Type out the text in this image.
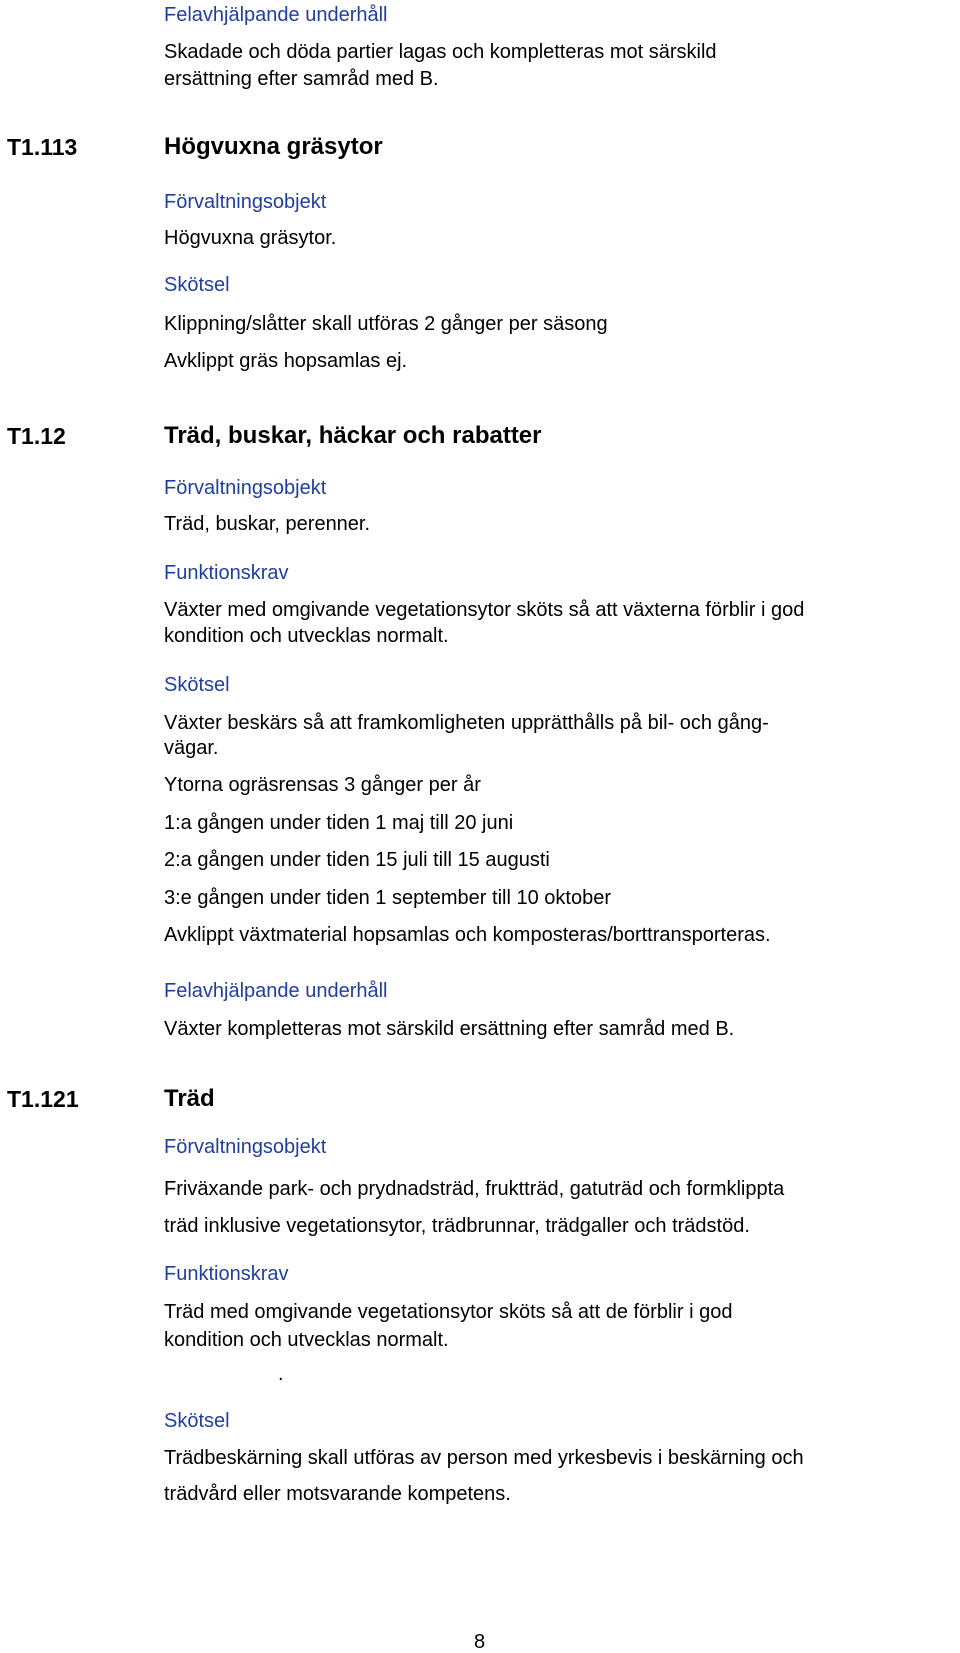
Felavhjälpande underhåll
Skadade och döda partier lagas och kompletteras mot särskild
ersättning efter samråd med B.
T1.113	Högvuxna gräsytor
Förvaltningsobjekt
Högvuxna gräsytor.
Skötsel
Klippning/slåtter skall utföras 2 gånger per säsong
Avklippt gräs hopsamlas ej.
T1.12	Träd, buskar, häckar och rabatter
Förvaltningsobjekt
Träd, buskar, perenner.
Funktionskrav
Växter med omgivande vegetationsytor sköts så att växterna förblir i god
kondition och utvecklas normalt.
Skötsel
Växter beskärs så att framkomligheten upprätthålls på bil- och gång-
vägar.
Ytorna ogräsrensas 3 gånger per år
1:a gången under tiden 1 maj till 20 juni
2:a gången under tiden 15 juli till 15 augusti
3:e gången under tiden 1 september till 10 oktober
Avklippt växtmaterial hopsamlas och komposteras/borttransporteras.
Felavhjälpande underhåll
Växter kompletteras mot särskild ersättning efter samråd med B.
T1.121	Träd
Förvaltningsobjekt
Friväxande park- och prydnadsträd, fruktträd, gatuträd och formklippta
träd inklusive vegetationsytor, trädbrunnar, trädgaller och trädstöd.
Funktionskrav
Träd med omgivande vegetationsytor sköts så att de förblir i god
kondition och utvecklas normalt.
.
Skötsel
Trädbeskärning skall utföras av person med yrkesbevis i beskärning och
trädvård eller motsvarande kompetens.
8
